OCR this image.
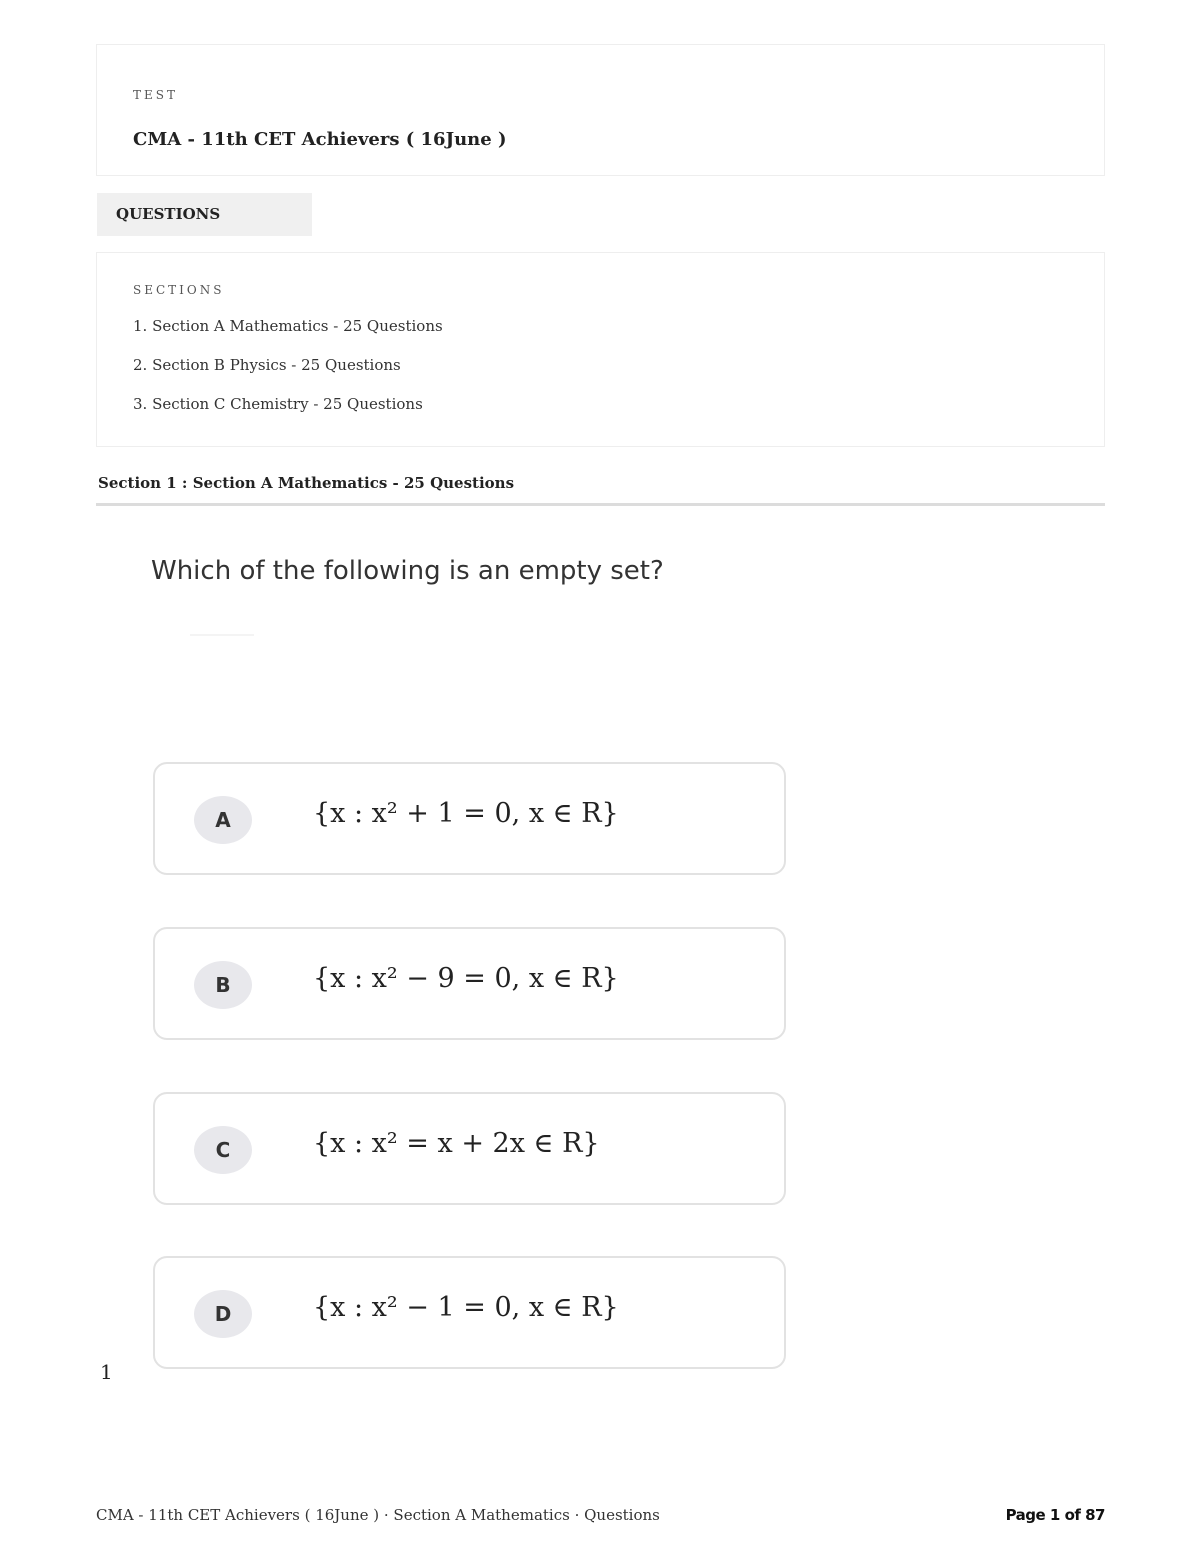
TEST
CMA - 11th CET Achievers ( 16June )
QUESTIONS
SECTIONS
1. Section A Mathematics - 25 Questions
2. Section B Physics - 25 Questions
3. Section C Chemistry - 25 Questions
Section 1 : Section A Mathematics - 25 Questions
Which of the following is an empty set?
A	{x : x² + 1 = 0, x ∈ R}
B	{x : x² − 9 = 0, x ∈ R}
C	{x : x² = x + 2x ∈ R}
D	{x : x² − 1 = 0, x ∈ R}
1
CMA - 11th CET Achievers ( 16June ) · Section A Mathematics · Questions	Page 1 of 87
